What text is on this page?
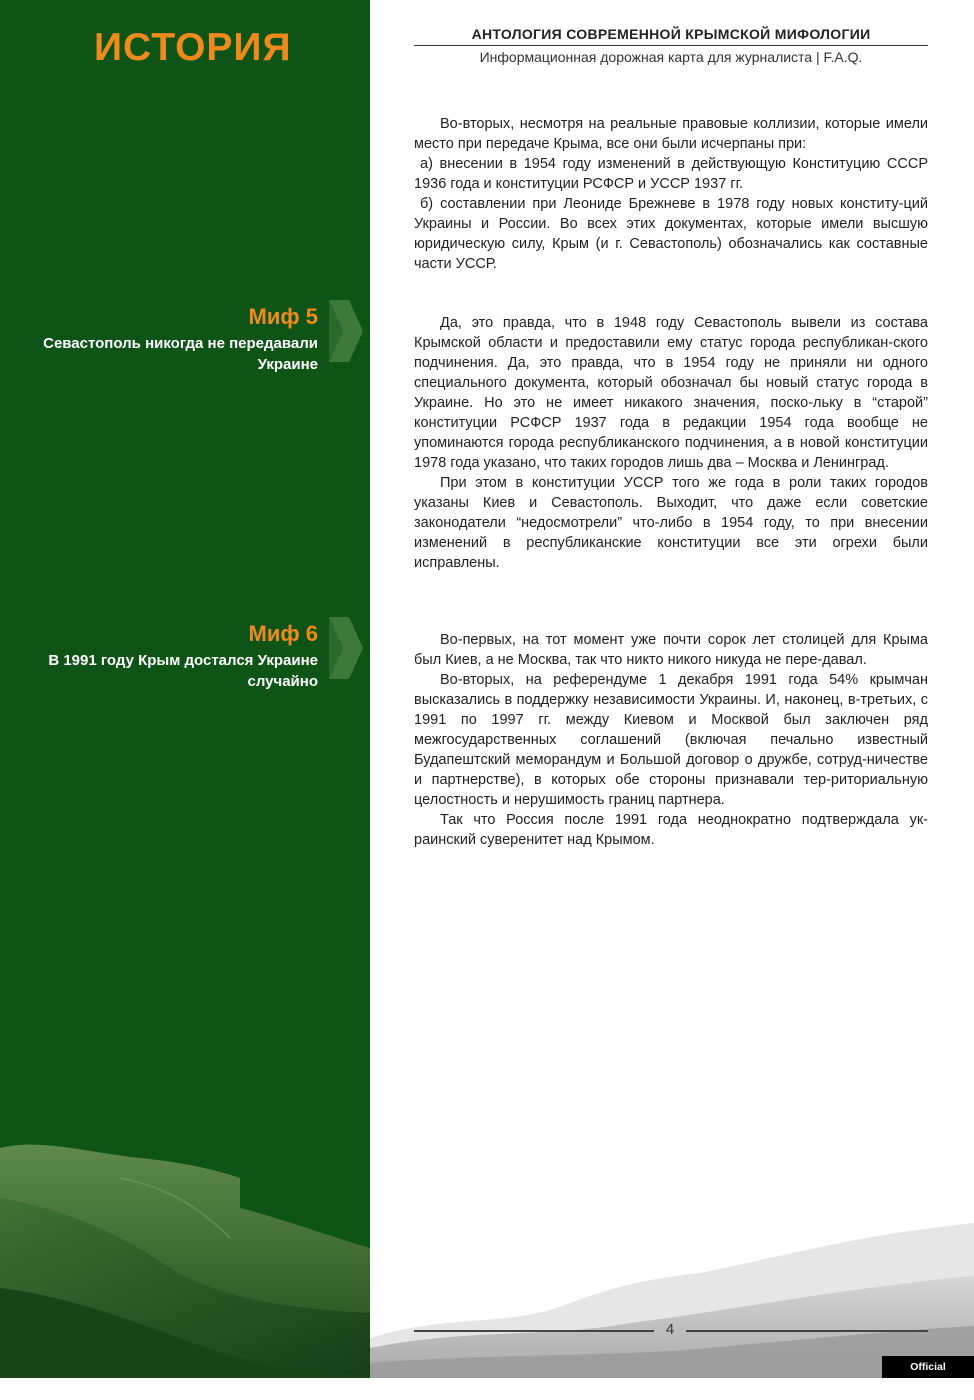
ИСТОРИЯ
Миф 5
Севастополь никогда не передавали Украине
Миф 6
В 1991 году Крым достался Украине случайно
АНТОЛОГИЯ СОВРЕМЕННОЙ КРЫМСКОЙ МИФОЛОГИИ
Информационная дорожная карта для журналиста | F.A.Q.

Во-вторых, несмотря на реальные правовые коллизии, которые имели место при передаче Крыма, все они были исчерпаны при:

а) внесении в 1954 году изменений в действующую Конституцию СССР 1936 года и конституции РСФСР и УССР 1937 гг.

б) составлении при Леониде Брежневе в 1978 году новых конститу-ций Украины и России. Во всех этих документах, которые имели высшую юридическую силу, Крым (и г. Севастополь) обозначались как составные части УССР.

Да, это правда, что в 1948 году Севастополь вывели из состава Крымской области и предоставили ему статус города республикан-ского подчинения. Да, это правда, что в 1954 году не приняли ни одного специального документа, который обозначал бы новый статус города в Украине. Но это не имеет никакого значения, поско-льку в “старой” конституции РСФСР 1937 года в редакции 1954 года вообще не упоминаются города республиканского подчинения, а в новой конституции 1978 года указано, что таких городов лишь два – Москва и Ленинград.

При этом в конституции УССР того же года в роли таких городов указаны Киев и Севастополь. Выходит, что даже если советские законодатели “недосмотрели” что-либо в 1954 году, то при внесении изменений в республиканские конституции все эти огрехи были исправлены.

Во-первых, на тот момент уже почти сорок лет столицей для Крыма был Киев, а не Москва, так что никто никого никуда не пере-давал.

Во-вторых, на референдуме 1 декабря 1991 года 54% крымчан высказались в поддержку независимости Украины. И, наконец, в-третьих, с 1991 по 1997 гг. между Киевом и Москвой был заключен ряд межгосударственных соглашений (включая печально известный Будапештский меморандум и Большой договор о дружбе, сотруд-ничестве и партнерстве), в которых обе стороны признавали тер-риториальную целостность и нерушимость границ партнера.

Так что Россия после 1991 года неоднократно подтверждала ук-раинский суверенитет над Крымом.

4
Official publication
